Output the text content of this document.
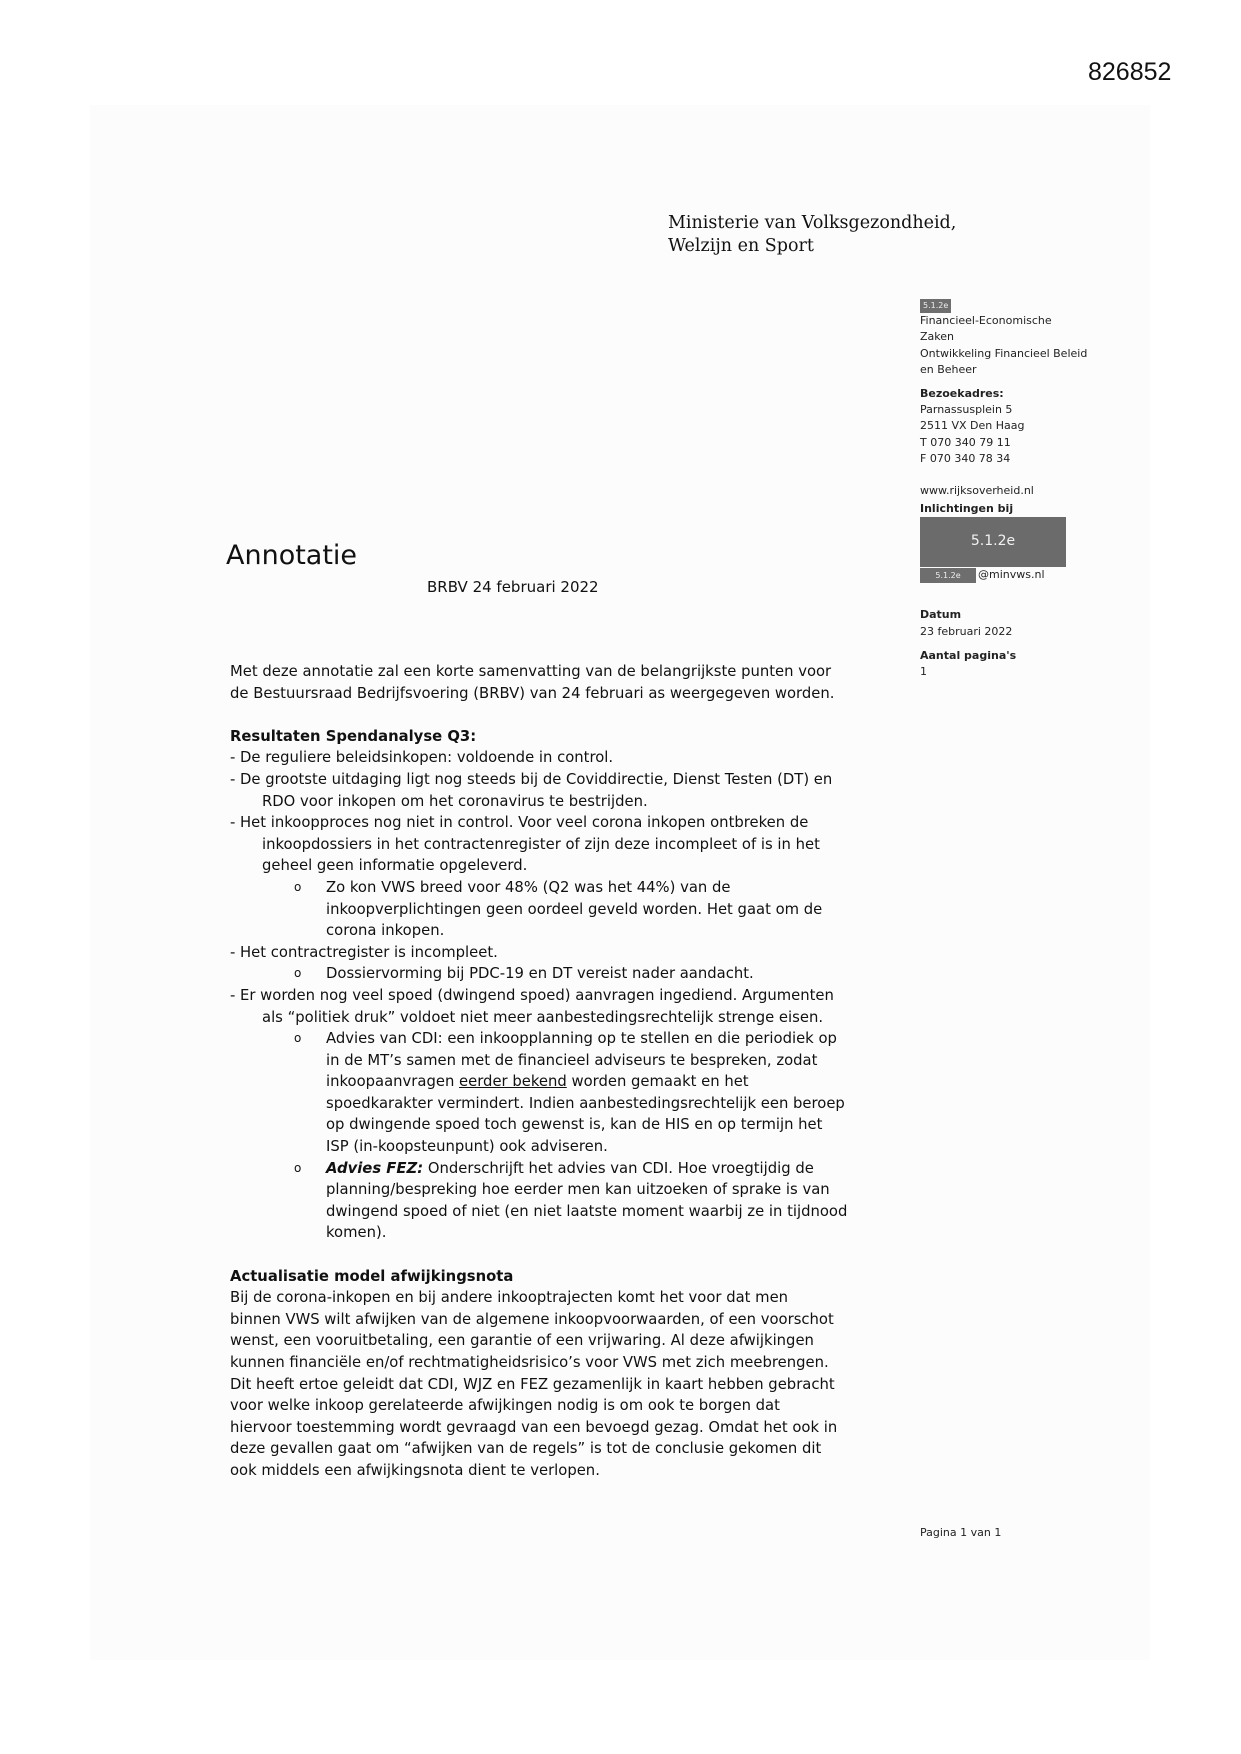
826852
Ministerie van Volksgezondheid,
Welzijn en Sport
5.1.2e
Financieel-Economische
Zaken
Ontwikkeling Financieel Beleid
en Beheer
Bezoekadres:
Parnassusplein 5
2511 VX Den Haag
T 070 340 79 11
F 070 340 78 34
www.rijksoverheid.nl
Inlichtingen bij
5.1.2e
5.1.2e	@minvws.nl
Datum
23 februari 2022
Aantal pagina's
1
Annotatie
BRBV 24 februari 2022

Met deze annotatie zal een korte samenvatting van de belangrijkste punten voor

de Bestuursraad Bedrijfsvoering (BRBV) van 24 februari as weergegeven worden.

Resultaten Spendanalyse Q3:

- De reguliere beleidsinkopen: voldoende in control.

- De grootste uitdaging ligt nog steeds bij de Coviddirectie, Dienst Testen (DT) en
RDO voor inkopen om het coronavirus te bestrijden.

- Het inkoopproces nog niet in control. Voor veel corona inkopen ontbreken de
inkoopdossiers in het contractenregister of zijn deze incompleet of is in het
geheel geen informatie opgeleverd.

o Zo kon VWS breed voor 48% (Q2 was het 44%) van de
inkoopverplichtingen geen oordeel geveld worden. Het gaat om de
corona inkopen.

- Het contractregister is incompleet.

o Dossiervorming bij PDC-19 en DT vereist nader aandacht.

- Er worden nog veel spoed (dwingend spoed) aanvragen ingediend. Argumenten
als “politiek druk” voldoet niet meer aanbestedingsrechtelijk strenge eisen.

o Advies van CDI: een inkoopplanning op te stellen en die periodiek op
in de MT’s samen met de financieel adviseurs te bespreken, zodat
inkoopaanvragen eerder bekend worden gemaakt en het
spoedkarakter vermindert. Indien aanbestedingsrechtelijk een beroep
op dwingende spoed toch gewenst is, kan de HIS en op termijn het
ISP (in-koopsteunpunt) ook adviseren.
o Advies FEZ: Onderschrijft het advies van CDI. Hoe vroegtijdig de
planning/bespreking hoe eerder men kan uitzoeken of sprake is van
dwingend spoed of niet (en niet laatste moment waarbij ze in tijdnood
komen).

Actualisatie model afwijkingsnota

Bij de corona-inkopen en bij andere inkooptrajecten komt het voor dat men

binnen VWS wilt afwijken van de algemene inkoopvoorwaarden, of een voorschot

wenst, een vooruitbetaling, een garantie of een vrijwaring. Al deze afwijkingen

kunnen financiële en/of rechtmatigheidsrisico’s voor VWS met zich meebrengen.

Dit heeft ertoe geleidt dat CDI, WJZ en FEZ gezamenlijk in kaart hebben gebracht

voor welke inkoop gerelateerde afwijkingen nodig is om ook te borgen dat

hiervoor toestemming wordt gevraagd van een bevoegd gezag. Omdat het ook in

deze gevallen gaat om “afwijken van de regels” is tot de conclusie gekomen dit

ook middels een afwijkingsnota dient te verlopen.

Pagina 1 van 1
